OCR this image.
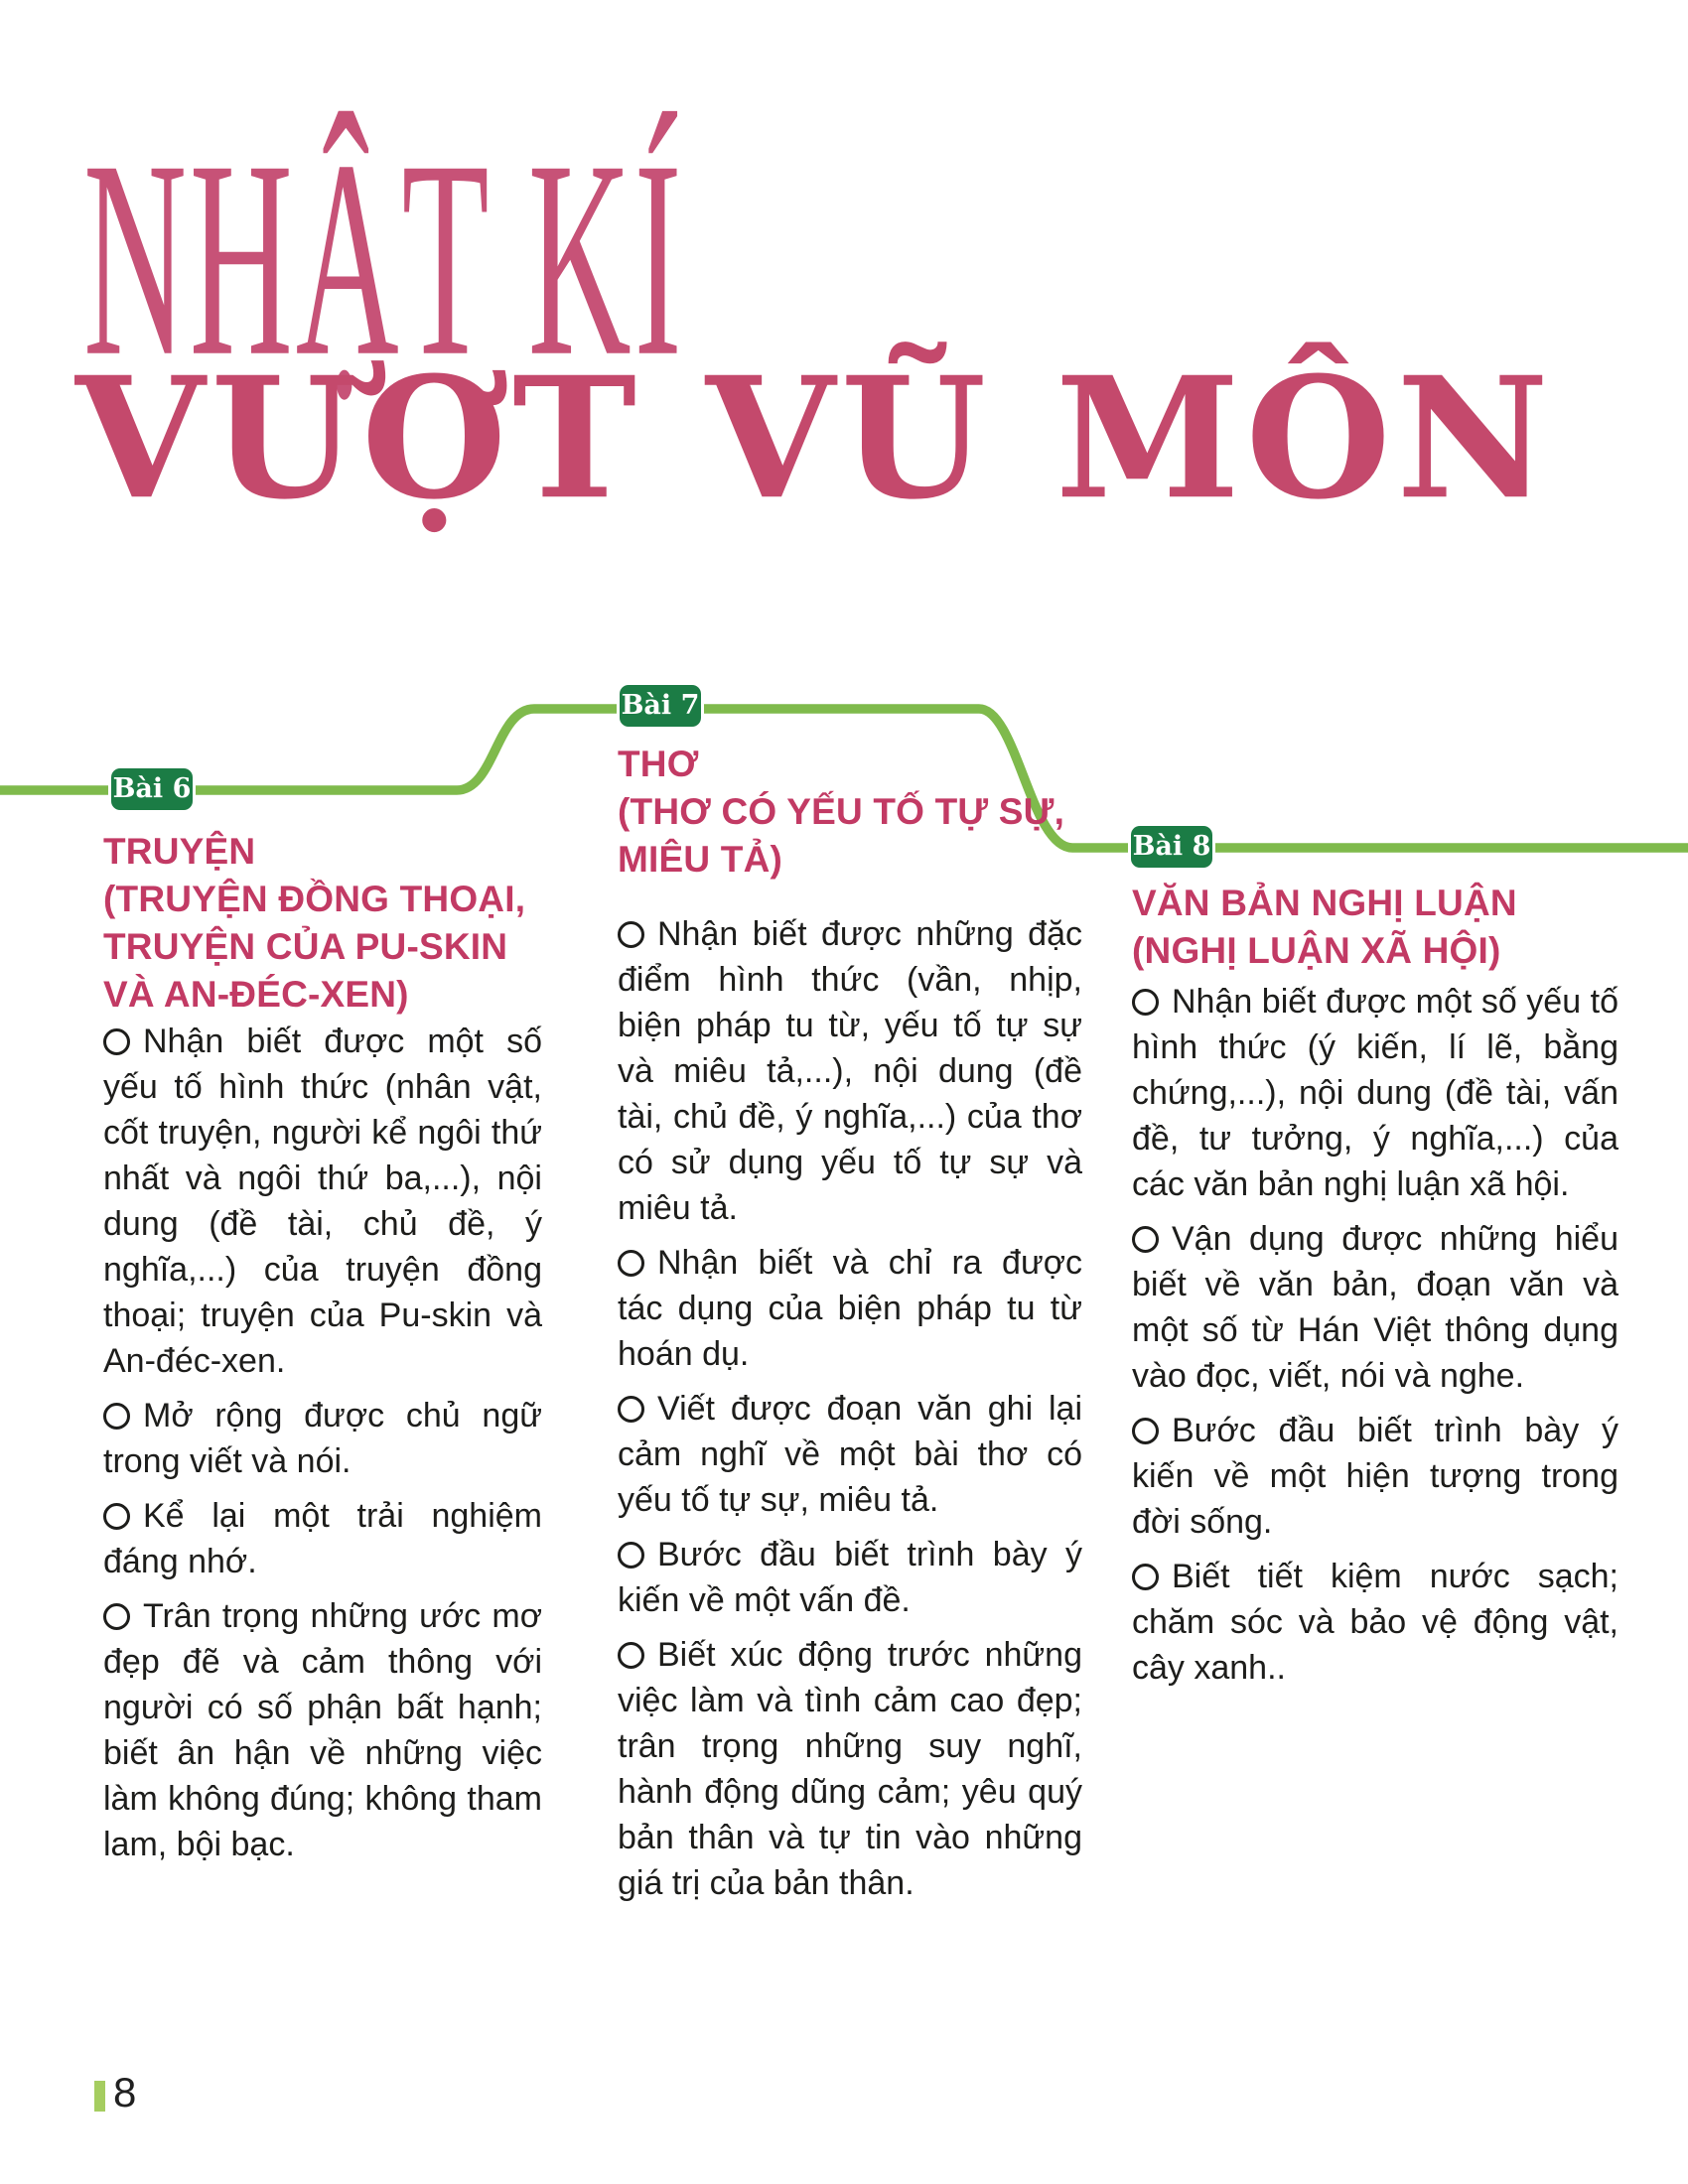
NHẬT KÍ
VƯỢT VŨ MÔN
Bài 6
Bài 7
Bài 8
TRUYỆN
(TRUYỆN ĐỒNG THOẠI,
TRUYỆN CỦA PU-SKIN
VÀ AN-ĐÉC-XEN)

Nhận biết được một số yếu tố hình thức (nhân vật, cốt truyện, người kể ngôi thứ nhất và ngôi thứ ba,...), nội dung (đề tài, chủ đề, ý nghĩa,...) của truyện đồng thoại; truyện của Pu-skin và An-đéc-xen.

Mở rộng được chủ ngữ trong viết và nói.

Kể lại một trải nghiệm đáng nhớ.

Trân trọng những ước mơ đẹp đẽ và cảm thông với người có số phận bất hạnh; biết ân hận về những việc làm không đúng; không tham lam, bội bạc.

THƠ
(THƠ CÓ YẾU TỐ TỰ SỰ,
MIÊU TẢ)

Nhận biết được những đặc điểm hình thức (vần, nhịp, biện pháp tu từ, yếu tố tự sự và miêu tả,...), nội dung (đề tài, chủ đề, ý nghĩa,...) của thơ có sử dụng yếu tố tự sự và miêu tả.

Nhận biết và chỉ ra được tác dụng của biện pháp tu từ hoán dụ.

Viết được đoạn văn ghi lại cảm nghĩ về một bài thơ có yếu tố tự sự, miêu tả.

Bước đầu biết trình bày ý kiến về một vấn đề.

Biết xúc động trước những việc làm và tình cảm cao đẹp; trân trọng những suy nghĩ, hành động dũng cảm; yêu quý bản thân và tự tin vào những giá trị của bản thân.

VĂN BẢN NGHỊ LUẬN
(NGHỊ LUẬN XÃ HỘI)

Nhận biết được một số yếu tố hình thức (ý kiến, lí lẽ, bằng chứng,...), nội dung (đề tài, vấn đề, tư tưởng, ý nghĩa,...) của các văn bản nghị luận xã hội.

Vận dụng được những hiểu biết về văn bản, đoạn văn và một số từ Hán Việt thông dụng vào đọc, viết, nói và nghe.

Bước đầu biết trình bày ý kiến về một hiện tượng trong đời sống.

Biết tiết kiệm nước sạch; chăm sóc và bảo vệ động vật, cây xanh..

8
